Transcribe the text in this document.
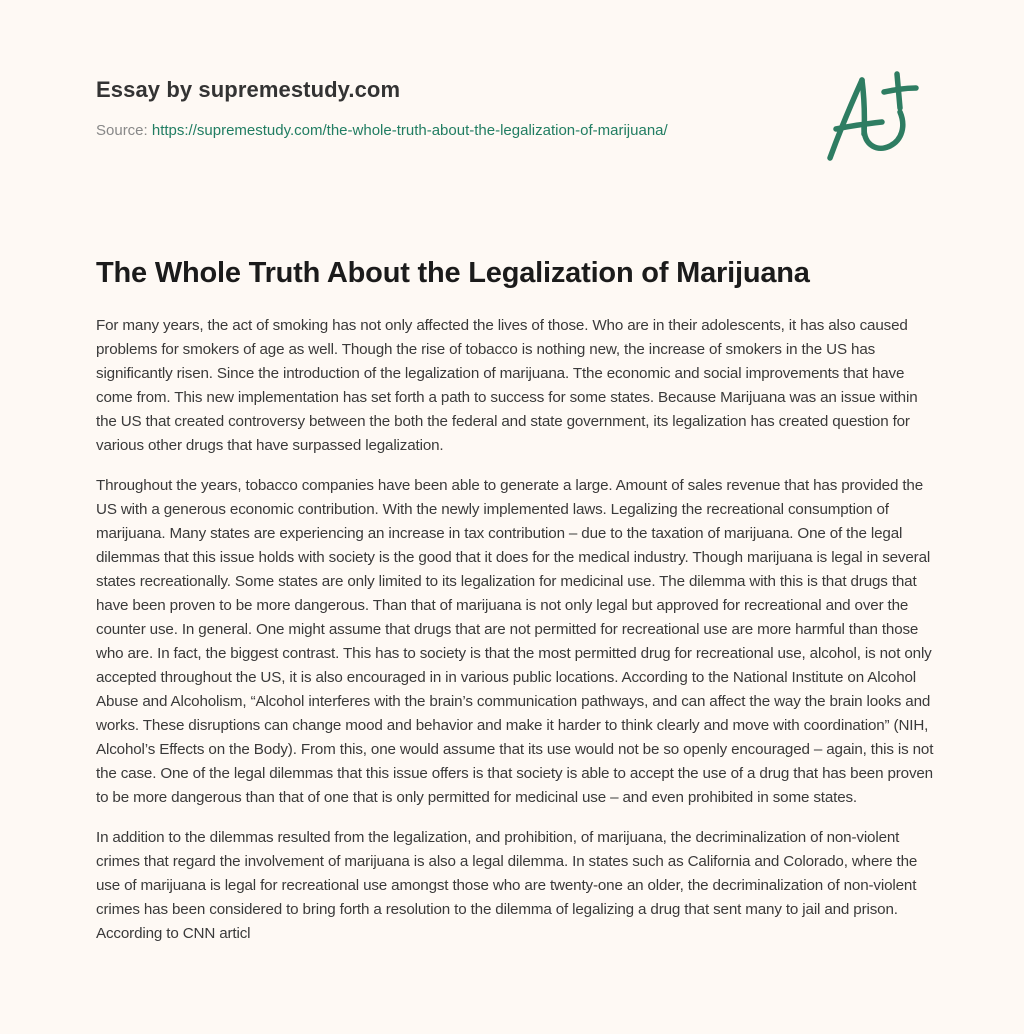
Essay by supremestudy.com
Source: https://supremestudy.com/the-whole-truth-about-the-legalization-of-marijuana/
The Whole Truth About the Legalization of Marijuana

For many years, the act of smoking has not only affected the lives of those. Who are in their adolescents, it has also caused problems for smokers of age as well. Though the rise of tobacco is nothing new, the increase of smokers in the US has significantly risen. Since the introduction of the legalization of marijuana. Tthe economic and social improvements that have come from. This new implementation has set forth a path to success for some states. Because Marijuana was an issue within the US that created controversy between the both the federal and state government, its legalization has created question for various other drugs that have surpassed legalization.

Throughout the years, tobacco companies have been able to generate a large. Amount of sales revenue that has provided the US with a generous economic contribution. With the newly implemented laws. Legalizing the recreational consumption of marijuana. Many states are experiencing an increase in tax contribution – due to the taxation of marijuana. One of the legal dilemmas that this issue holds with society is the good that it does for the medical industry. Though marijuana is legal in several states recreationally. Some states are only limited to its legalization for medicinal use. The dilemma with this is that drugs that have been proven to be more dangerous. Than that of marijuana is not only legal but approved for recreational and over the counter use. In general. One might assume that drugs that are not permitted for recreational use are more harmful than those who are. In fact, the biggest contrast. This has to society is that the most permitted drug for recreational use, alcohol, is not only accepted throughout the US, it is also encouraged in in various public locations. According to the National Institute on Alcohol Abuse and Alcoholism, “Alcohol interferes with the brain’s communication pathways, and can affect the way the brain looks and works. These disruptions can change mood and behavior and make it harder to think clearly and move with coordination” (NIH, Alcohol’s Effects on the Body). From this, one would assume that its use would not be so openly encouraged – again, this is not the case. One of the legal dilemmas that this issue offers is that society is able to accept the use of a drug that has been proven to be more dangerous than that of one that is only permitted for medicinal use – and even prohibited in some states.

In addition to the dilemmas resulted from the legalization, and prohibition, of marijuana, the decriminalization of non-violent crimes that regard the involvement of marijuana is also a legal dilemma. In states such as California and Colorado, where the use of marijuana is legal for recreational use amongst those who are twenty-one an older, the decriminalization of non-violent crimes has been considered to bring forth a resolution to the dilemma of legalizing a drug that sent many to jail and prison. According to CNN articl
